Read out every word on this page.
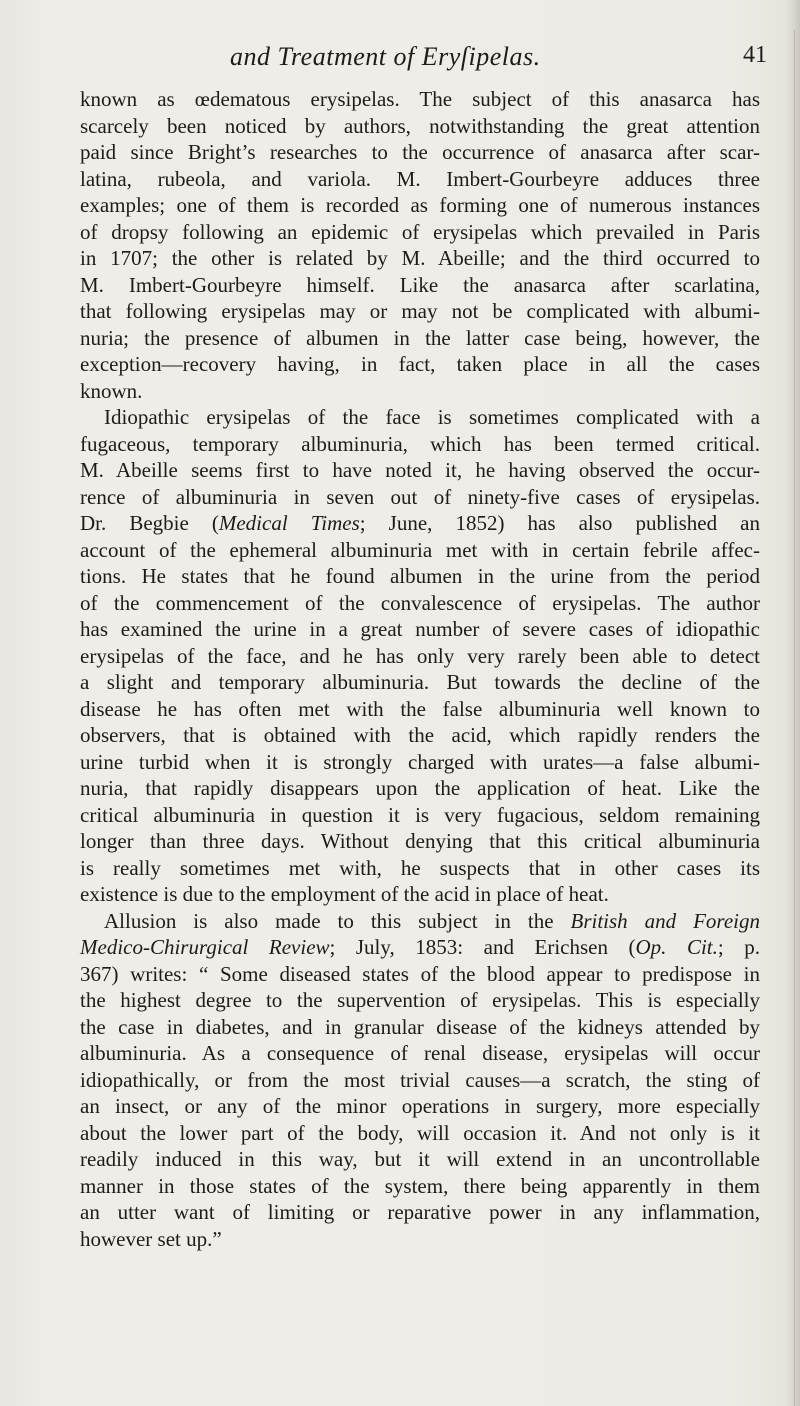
and Treatment of Eryſipelas.	41
known as œdematous erysipelas. The subject of this anasarca has
scarcely been noticed by authors, notwithstanding the great attention
paid since Bright’s researches to the occurrence of anasarca after scar-
latina, rubeola, and variola. M. Imbert-Gourbeyre adduces three
examples; one of them is recorded as forming one of numerous instances
of dropsy following an epidemic of erysipelas which prevailed in Paris
in 1707; the other is related by M. Abeille; and the third occurred to
M. Imbert-Gourbeyre himself. Like the anasarca after scarlatina,
that following erysipelas may or may not be complicated with albumi-
nuria; the presence of albumen in the latter case being, however, the
exception—recovery having, in fact, taken place in all the cases
known.
Idiopathic erysipelas of the face is sometimes complicated with a
fugaceous, temporary albuminuria, which has been termed critical.
M. Abeille seems first to have noted it, he having observed the occur-
rence of albuminuria in seven out of ninety-five cases of erysipelas.
Dr. Begbie (Medical Times; June, 1852) has also published an
account of the ephemeral albuminuria met with in certain febrile affec-
tions. He states that he found albumen in the urine from the period
of the commencement of the convalescence of erysipelas. The author
has examined the urine in a great number of severe cases of idiopathic
erysipelas of the face, and he has only very rarely been able to detect
a slight and temporary albuminuria. But towards the decline of the
disease he has often met with the false albuminuria well known to
observers, that is obtained with the acid, which rapidly renders the
urine turbid when it is strongly charged with urates—a false albumi-
nuria, that rapidly disappears upon the application of heat. Like the
critical albuminuria in question it is very fugacious, seldom remaining
longer than three days. Without denying that this critical albuminuria
is really sometimes met with, he suspects that in other cases its
existence is due to the employment of the acid in place of heat.
Allusion is also made to this subject in the British and Foreign
Medico-Chirurgical Review; July, 1853: and Erichsen (Op. Cit.; p.
367) writes: “ Some diseased states of the blood appear to predispose in
the highest degree to the supervention of erysipelas. This is especially
the case in diabetes, and in granular disease of the kidneys attended by
albuminuria. As a consequence of renal disease, erysipelas will occur
idiopathically, or from the most trivial causes—a scratch, the sting of
an insect, or any of the minor operations in surgery, more especially
about the lower part of the body, will occasion it. And not only is it
readily induced in this way, but it will extend in an uncontrollable
manner in those states of the system, there being apparently in them
an utter want of limiting or reparative power in any inflammation,
however set up.”
